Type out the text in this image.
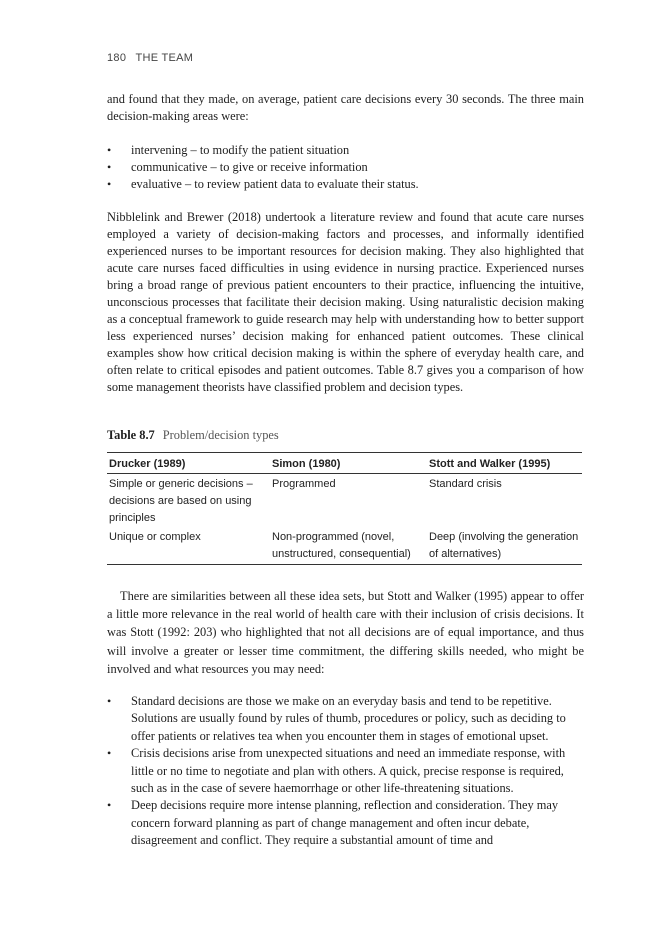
180 THE TEAM

and found that they made, on average, patient care decisions every 30 seconds. The three main decision-making areas were:

• intervening – to modify the patient situation
• communicative – to give or receive information
• evaluative – to review patient data to evaluate their status.

Nibblelink and Brewer (2018) undertook a literature review and found that acute care nurses employed a variety of decision-making factors and processes, and informally identified experienced nurses to be important resources for decision making. They also highlighted that acute care nurses faced difficulties in using evidence in nursing practice. Experienced nurses bring a broad range of previous patient encounters to their practice, influencing the intuitive, unconscious processes that facilitate their decision making. Using naturalistic decision making as a conceptual framework to guide research may help with understanding how to better support less experienced nurses’ decision making for enhanced patient outcomes. These clinical examples show how critical decision making is within the sphere of everyday health care, and often relate to critical episodes and patient outcomes. Table 8.7 gives you a comparison of how some management theorists have classified problem and decision types.

Table 8.7 Problem/decision types
Drucker (1989)	Simon (1980)	Stott and Walker (1995)
Simple or generic decisions – decisions are based on using principles	Programmed	Standard crisis
Unique or complex	Non-programmed (novel, unstructured, consequential)	Deep (involving the generation of alternatives)

There are similarities between all these idea sets, but Stott and Walker (1995) appear to offer a little more relevance in the real world of health care with their inclusion of crisis decisions. It was Stott (1992: 203) who highlighted that not all decisions are of equal importance, and thus will involve a greater or lesser time commitment, the differing skills needed, who might be involved and what resources you may need:

• Standard decisions are those we make on an everyday basis and tend to be repetitive. Solutions are usually found by rules of thumb, procedures or policy, such as deciding to offer patients or relatives tea when you encounter them in stages of emotional upset.
• Crisis decisions arise from unexpected situations and need an immediate response, with little or no time to negotiate and plan with others. A quick, precise response is required, such as in the case of severe haemorrhage or other life-threatening situations.
• Deep decisions require more intense planning, reflection and consideration. They may concern forward planning as part of change management and often incur debate, disagreement and conflict. They require a substantial amount of time and
